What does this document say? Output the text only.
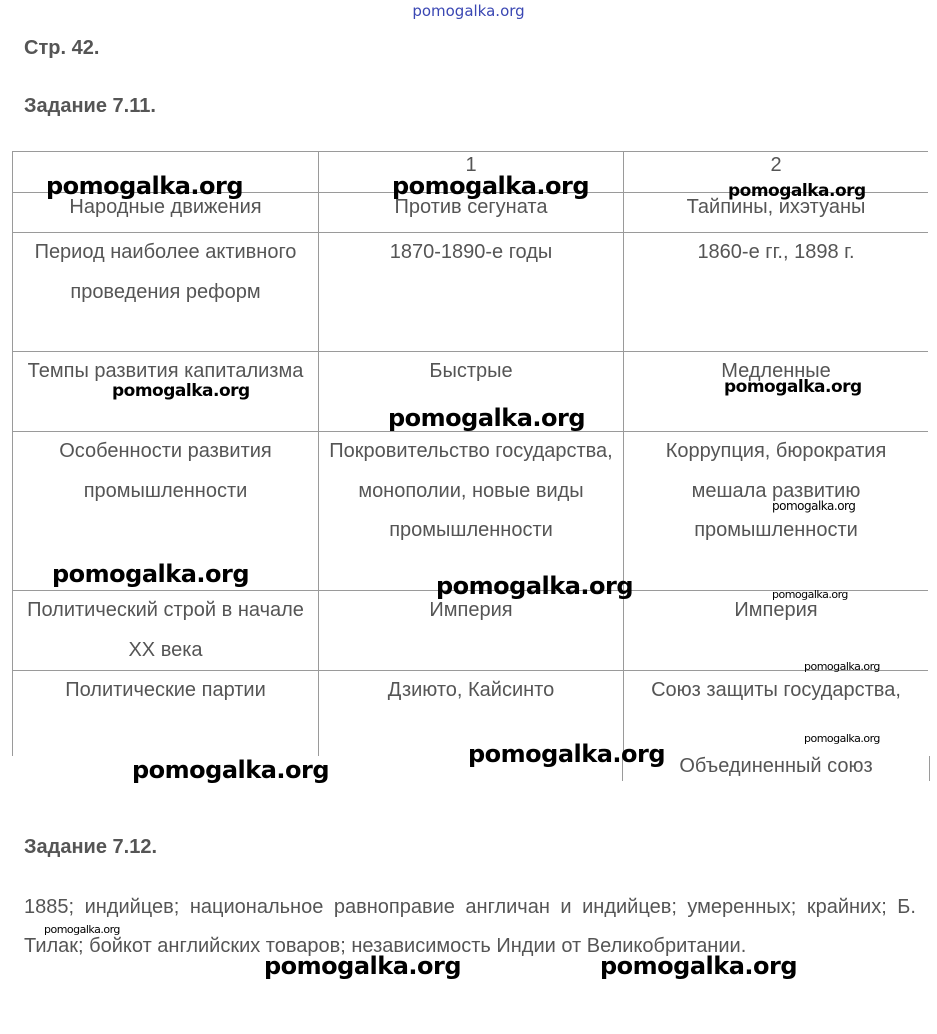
pomogalka.org
Стр. 42.
Задание 7.11.
	1	2
Народные движения	Против сегуната	Тайпины, ихэтуаны
Период наиболее активного проведения реформ	1870-1890-е годы	1860-е гг., 1898 г.
Темпы развития капитализма	Быстрые	Медленные
Особенности развития промышленности	Покровительство государства, монополии, новые виды промышленности	Коррупция, бюрократия мешала развитию промышленности
Политический строй в начале XX века	Империя	Империя
Политические партии	Дзиюто, Кайсинто	Союз защиты государства,
Объединенный союз
Задание 7.12.
1885; индийцев; национальное равноправие англичан и индийцев; умеренных; крайних; Б. Тилак; бойкот английских товаров; независимость Индии от Великобритании.
pomogalka.org	pomogalka.org	pomogalka.org
pomogalka.org	pomogalka.org
pomogalka.org
pomogalka.org
pomogalka.org	pomogalka.org	pomogalka.org
pomogalka.org
pomogalka.org
pomogalka.org
pomogalka.org
pomogalka.org
pomogalka.org	pomogalka.org
